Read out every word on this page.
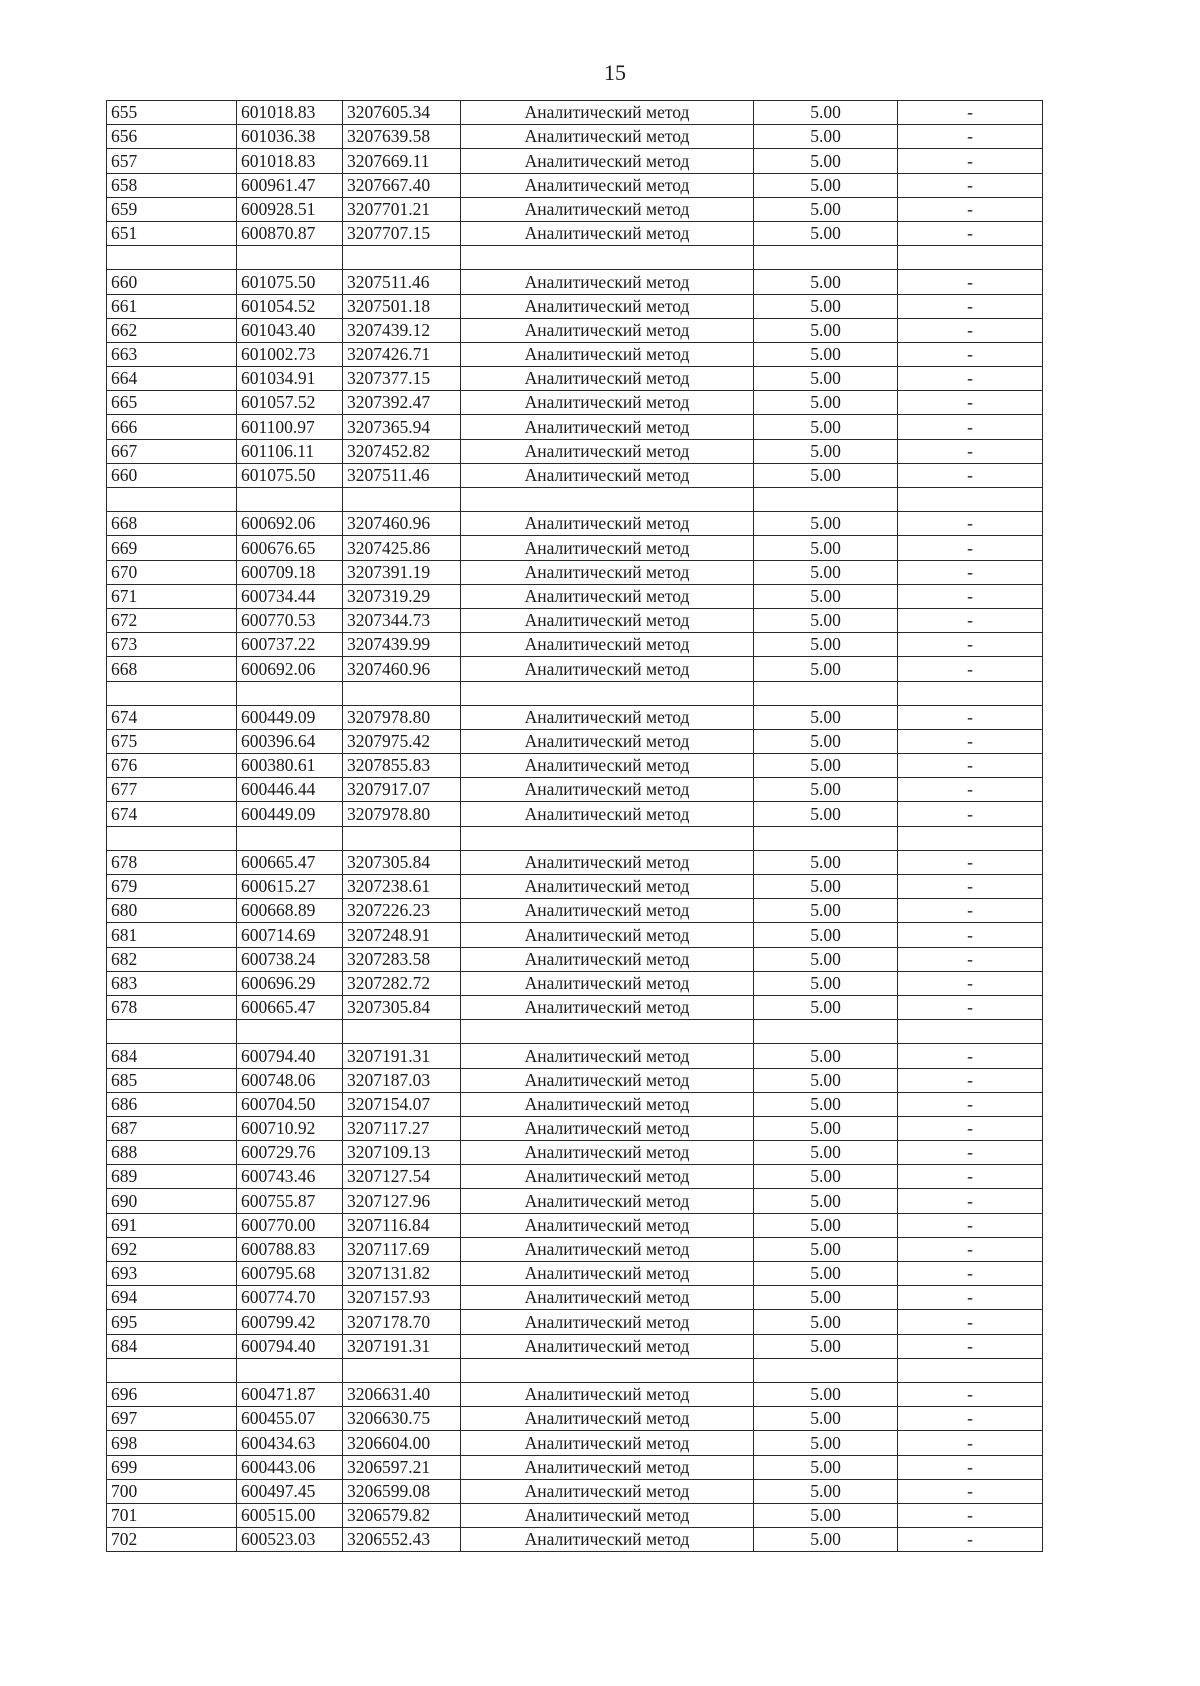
15
655	601018.83	3207605.34	Аналитический метод	5.00	-
656	601036.38	3207639.58	Аналитический метод	5.00	-
657	601018.83	3207669.11	Аналитический метод	5.00	-
658	600961.47	3207667.40	Аналитический метод	5.00	-
659	600928.51	3207701.21	Аналитический метод	5.00	-
651	600870.87	3207707.15	Аналитический метод	5.00	-

660	601075.50	3207511.46	Аналитический метод	5.00	-
661	601054.52	3207501.18	Аналитический метод	5.00	-
662	601043.40	3207439.12	Аналитический метод	5.00	-
663	601002.73	3207426.71	Аналитический метод	5.00	-
664	601034.91	3207377.15	Аналитический метод	5.00	-
665	601057.52	3207392.47	Аналитический метод	5.00	-
666	601100.97	3207365.94	Аналитический метод	5.00	-
667	601106.11	3207452.82	Аналитический метод	5.00	-
660	601075.50	3207511.46	Аналитический метод	5.00	-

668	600692.06	3207460.96	Аналитический метод	5.00	-
669	600676.65	3207425.86	Аналитический метод	5.00	-
670	600709.18	3207391.19	Аналитический метод	5.00	-
671	600734.44	3207319.29	Аналитический метод	5.00	-
672	600770.53	3207344.73	Аналитический метод	5.00	-
673	600737.22	3207439.99	Аналитический метод	5.00	-
668	600692.06	3207460.96	Аналитический метод	5.00	-

674	600449.09	3207978.80	Аналитический метод	5.00	-
675	600396.64	3207975.42	Аналитический метод	5.00	-
676	600380.61	3207855.83	Аналитический метод	5.00	-
677	600446.44	3207917.07	Аналитический метод	5.00	-
674	600449.09	3207978.80	Аналитический метод	5.00	-

678	600665.47	3207305.84	Аналитический метод	5.00	-
679	600615.27	3207238.61	Аналитический метод	5.00	-
680	600668.89	3207226.23	Аналитический метод	5.00	-
681	600714.69	3207248.91	Аналитический метод	5.00	-
682	600738.24	3207283.58	Аналитический метод	5.00	-
683	600696.29	3207282.72	Аналитический метод	5.00	-
678	600665.47	3207305.84	Аналитический метод	5.00	-

684	600794.40	3207191.31	Аналитический метод	5.00	-
685	600748.06	3207187.03	Аналитический метод	5.00	-
686	600704.50	3207154.07	Аналитический метод	5.00	-
687	600710.92	3207117.27	Аналитический метод	5.00	-
688	600729.76	3207109.13	Аналитический метод	5.00	-
689	600743.46	3207127.54	Аналитический метод	5.00	-
690	600755.87	3207127.96	Аналитический метод	5.00	-
691	600770.00	3207116.84	Аналитический метод	5.00	-
692	600788.83	3207117.69	Аналитический метод	5.00	-
693	600795.68	3207131.82	Аналитический метод	5.00	-
694	600774.70	3207157.93	Аналитический метод	5.00	-
695	600799.42	3207178.70	Аналитический метод	5.00	-
684	600794.40	3207191.31	Аналитический метод	5.00	-

696	600471.87	3206631.40	Аналитический метод	5.00	-
697	600455.07	3206630.75	Аналитический метод	5.00	-
698	600434.63	3206604.00	Аналитический метод	5.00	-
699	600443.06	3206597.21	Аналитический метод	5.00	-
700	600497.45	3206599.08	Аналитический метод	5.00	-
701	600515.00	3206579.82	Аналитический метод	5.00	-
702	600523.03	3206552.43	Аналитический метод	5.00	-
